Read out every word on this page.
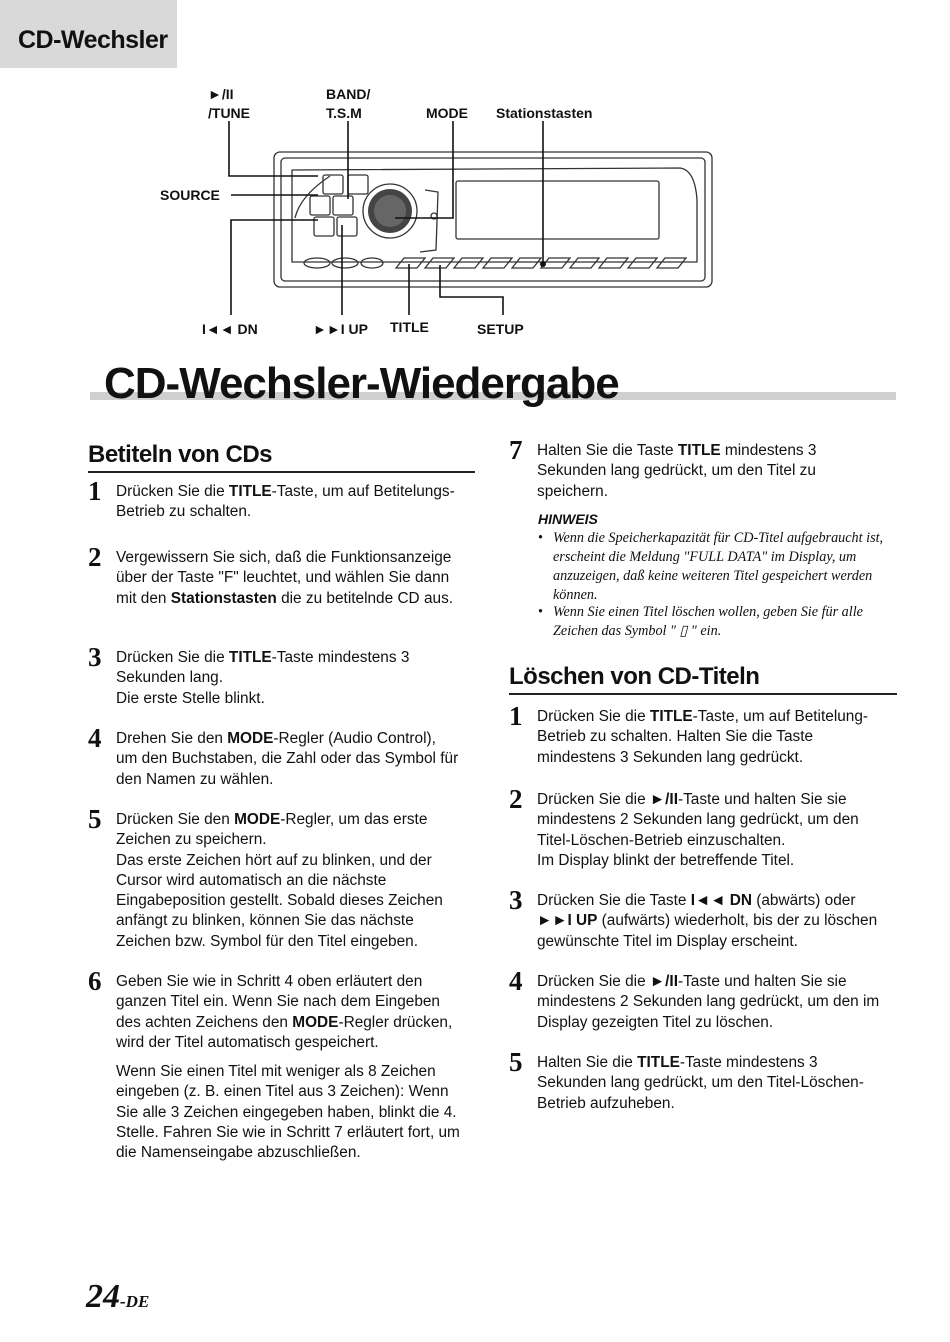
CD-Wechsler
►/II
/TUNE
BAND/
T.S.M	MODE Stationstasten
SOURCE
I◄◄ DN	►►I UP TITLE	SETUP
CD-Wechsler-Wiedergabe
Betiteln von CDs
1 Drücken Sie die TITLE-Taste, um auf Betitelungs-Betrieb zu schalten.

2 Vergewissern Sie sich, daß die Funktionsanzeige über der Taste "F" leuchtet, und wählen Sie dann mit den Stationstasten die zu betitelnde CD aus.

3 Drücken Sie die TITLE-Taste mindestens 3 Sekunden lang.
Die erste Stelle blinkt.

4 Drehen Sie den MODE-Regler (Audio Control), um den Buchstaben, die Zahl oder das Symbol für den Namen zu wählen.

5 Drücken Sie den MODE-Regler, um das erste Zeichen zu speichern.
Das erste Zeichen hört auf zu blinken, und der Cursor wird automatisch an die nächste Eingabeposition gestellt. Sobald dieses Zeichen anfängt zu blinken, können Sie das nächste Zeichen bzw. Symbol für den Titel eingeben.

6 Geben Sie wie in Schritt 4 oben erläutert den ganzen Titel ein. Wenn Sie nach dem Eingeben des achten Zeichens den MODE-Regler drücken, wird der Titel automatisch gespeichert.

Wenn Sie einen Titel mit weniger als 8 Zeichen eingeben (z. B. einen Titel aus 3 Zeichen): Wenn Sie alle 3 Zeichen eingegeben haben, blinkt die 4. Stelle. Fahren Sie wie in Schritt 7 erläutert fort, um die Namenseingabe abzuschließen.

7 Halten Sie die Taste TITLE mindestens 3 Sekunden lang gedrückt, um den Titel zu speichern.

HINWEIS
• Wenn die Speicherkapazität für CD-Titel aufgebraucht ist, erscheint die Meldung "FULL DATA" im Display, um anzuzeigen, daß keine weiteren Titel gespeichert werden können.
• Wenn Sie einen Titel löschen wollen, geben Sie für alle Zeichen das Symbol " ▯ " ein.
Löschen von CD-Titeln
1 Drücken Sie die TITLE-Taste, um auf Betitelung-Betrieb zu schalten. Halten Sie die Taste mindestens 3 Sekunden lang gedrückt.

2 Drücken Sie die ►/II-Taste und halten Sie sie mindestens 2 Sekunden lang gedrückt, um den Titel-Löschen-Betrieb einzuschalten.
Im Display blinkt der betreffende Titel.

3 Drücken Sie die Taste I◄◄ DN (abwärts) oder ►►I UP (aufwärts) wiederholt, bis der zu löschen gewünschte Titel im Display erscheint.

4 Drücken Sie die ►/II-Taste und halten Sie sie mindestens 2 Sekunden lang gedrückt, um den im Display gezeigten Titel zu löschen.

5 Halten Sie die TITLE-Taste mindestens 3 Sekunden lang gedrückt, um den Titel-Löschen-Betrieb aufzuheben.

24-DE
